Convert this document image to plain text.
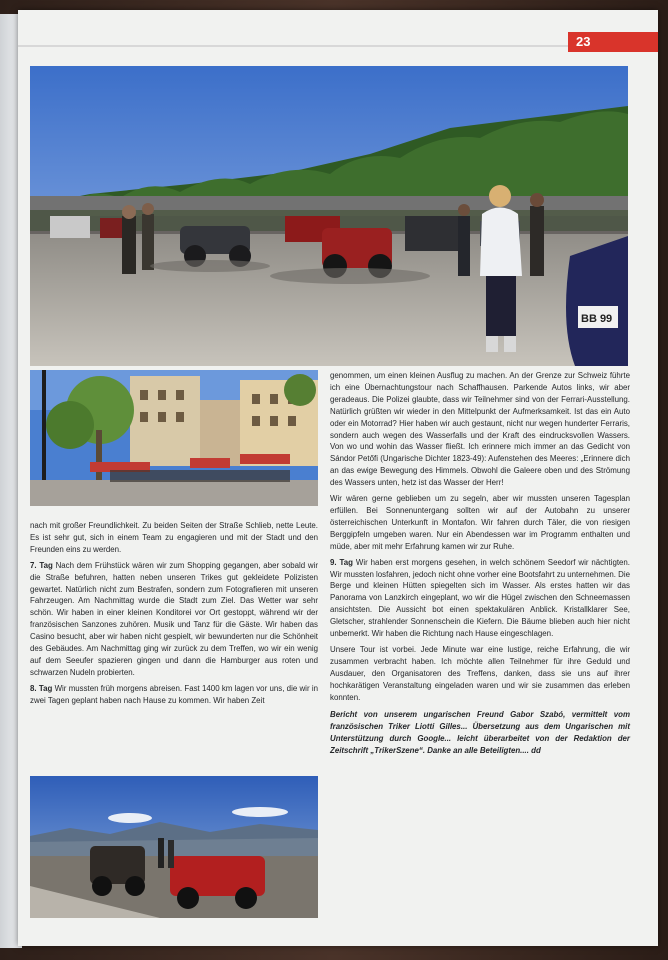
23
BB 99

nach mit großer Freundlichkeit. Zu beiden Seiten der Straße Schlieb, nette Leute. Es ist sehr gut, sich in einem Team zu engagieren und mit der Stadt und den Freunden eins zu werden.

7. Tag Nach dem Frühstück wären wir zum Shopping gegangen, aber sobald wir die Straße befuhren, hatten neben unseren Trikes gut gekleidete Polizisten gewartet. Natürlich nicht zum Bestrafen, sondern zum Fotografieren mit unseren Fahrzeugen. Am Nachmittag wurde die Stadt zum Ziel. Das Wetter war sehr schön. Wir haben in einer kleinen Konditorei vor Ort gestoppt, während wir der französischen Sanzones zuhören. Musik und Tanz für die Gäste. Wir haben das Casino besucht, aber wir haben nicht gespielt, wir bewunderten nur die Schönheit des Gebäudes. Am Nachmittag ging wir zurück zu dem Treffen, wo wir ein wenig auf dem Seeufer spazieren gingen und dann die Hamburger aus roten und schwarzen Nudeln probierten.

8. Tag Wir mussten früh morgens abreisen. Fast 1400 km lagen vor uns, die wir in zwei Tagen geplant haben nach Hause zu kommen. Wir haben Zeit

genommen, um einen kleinen Ausflug zu machen. An der Grenze zur Schweiz führte ich eine Übernachtungstour nach Schaffhausen. Parkende Autos links, wir aber geradeaus. Die Polizei glaubte, dass wir Teilnehmer sind von der Ferrari-Ausstellung. Natürlich grüßten wir wieder in den Mittelpunkt der Aufmerksamkeit. Ist das ein Auto oder ein Motorrad? Hier haben wir auch gestaunt, nicht nur wegen hunderter Ferraris, sondern auch wegen des Wasserfalls und der Kraft des eindrucksvollen Wassers. Von wo und wohin das Wasser fließt. Ich erinnere mich immer an das Gedicht von Sándor Petőfi (Ungarische Dichter 1823-49): Aufenstehen des Meeres: „Erinnere dich an das ewige Bewegung des Himmels. Obwohl die Galeere oben und des Strömung des Wassers unten, hetz ist das Wasser der Herr!

Wir wären gerne geblieben um zu segeln, aber wir mussten unseren Tagesplan erfüllen. Bei Sonnenuntergang sollten wir auf der Autobahn zu unserer österreichischen Unterkunft in Montafon. Wir fahren durch Täler, die von riesigen Berggipfeln umgeben waren. Nur ein Abendessen war im Programm enthalten und müde, aber mit mehr Erfahrung kamen wir zur Ruhe.

9. Tag Wir haben erst morgens gesehen, in welch schönem Seedorf wir nächtigten. Wir mussten losfahren, jedoch nicht ohne vorher eine Bootsfahrt zu unternehmen. Die Berge und kleinen Hütten spiegelten sich im Wasser. Als erstes hatten wir das Panorama von Lanzkirch eingeplant, wo wir die Hügel zwischen den Schneemassen ansichtsten. Die Aussicht bot einen spektakulären Anblick. Kristallklarer See, Gletscher, strahlender Sonnenschein die Kiefern. Die Bäume blieben auch hier nicht unbemerkt. Wir haben die Richtung nach Hause eingeschlagen.

Unsere Tour ist vorbei. Jede Minute war eine lustige, reiche Erfahrung, die wir zusammen verbracht haben. Ich möchte allen Teilnehmer für ihre Geduld und Ausdauer, den Organisatoren des Treffens, danken, dass sie uns auf ihrer hochkarätigen Veranstaltung eingeladen waren und wir sie zusammen das erleben konnten.

Bericht von unserem ungarischen Freund Gabor Szabó, vermittelt vom französischen Triker Liotti Gilles... Übersetzung aus dem Ungarischen mit Unterstützung durch Google... leicht überarbeitet von der Redaktion der Zeitschrift „TrikerSzene“. Danke an alle Beteiligten.... dd
